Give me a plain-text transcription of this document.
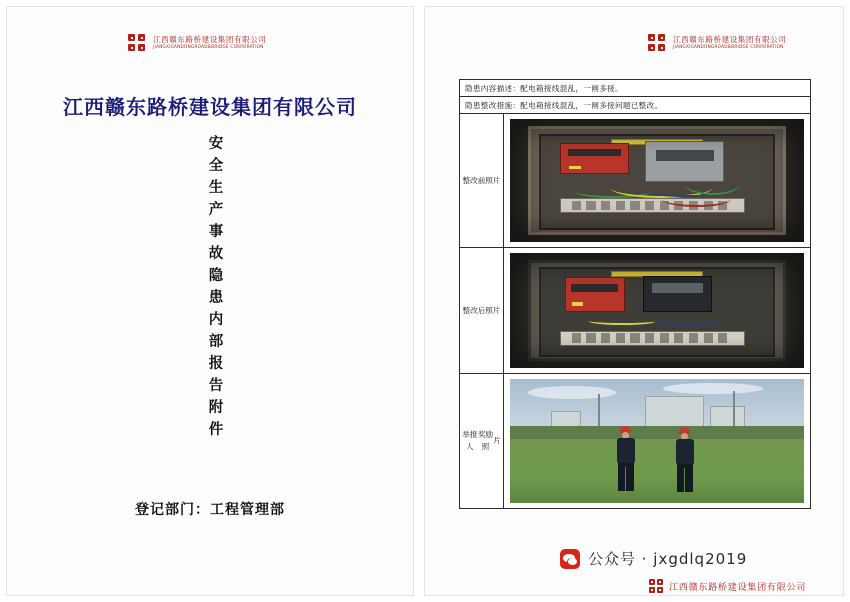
江西赣东路桥建设集团有限公司
JIANGXIGANDONGROAD&BRIDGE CORPORATION
江西赣东路桥建设集团有限公司
安
全
生
产
事
故
隐
患
内
部
报
告
附
件
登记部门：工程管理部
江西赣东路桥建设集团有限公司
JIANGXIGANDONGROAD&BRIDGE CORPORATION
隐患内容描述：配电箱接线混乱，一闸多接。
隐患整改措施：配电箱接线混乱，一闸多接问题已整改。
整改前 照片
整改后 照片
举报人
奖励照
片
公众号 · jxgdlq2019
江西赣东路桥建设集团有限公司
